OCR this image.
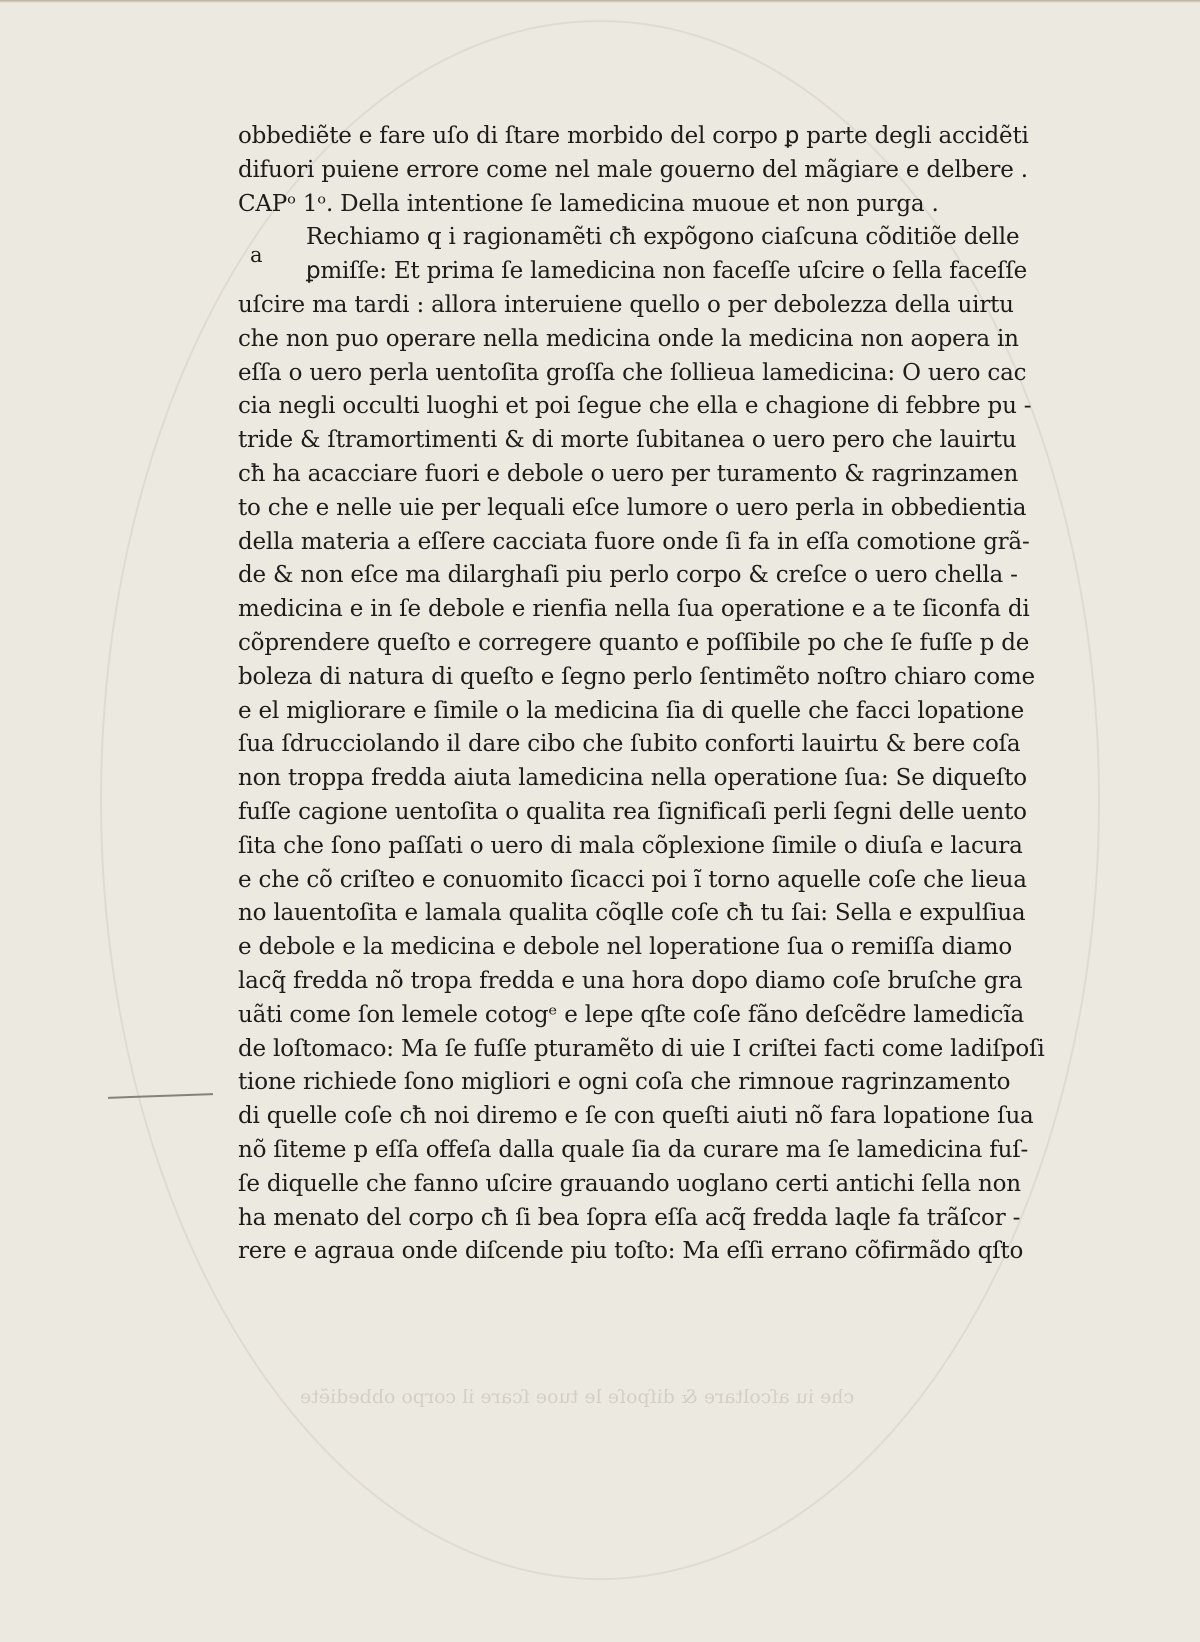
a
obbediẽte e fare uſo di ſtare morbido del corpo ꝑ parte degli accidẽti
difuori puiene errore come nel male gouerno del mãgiare e delbere .
CAPᵒ 1ᵒ. Della intentione ſe lamedicina muoue et non purga .
Rechiamo q i ragionamẽti cħ expõgono ciaſcuna cõditiõe delle
ꝑmiſſe: Et prima ſe lamedicina non faceſſe uſcire o ſella faceſſe
uſcire ma tardi : allora interuiene quello o per debolezza della uirtu
che non puo operare nella medicina onde la medicina non aopera in
eſſa o uero perla uentoſita groſſa che ſollieua lamedicina: O uero cac
cia negli occulti luoghi et poi ſegue che ella e chagione di febbre pu -
tride & ſtramortimenti & di morte ſubitanea o uero pero che lauirtu
cħ ha acacciare fuori e debole o uero per turamento & ragrinzamen
to che e nelle uie per lequali eſce lumore o uero perla in obbedientia
della materia a eſſere cacciata fuore onde ſi fa in eſſa comotione grã-
de & non eſce ma dilarghaſi piu perlo corpo & creſce o uero chella -
medicina e in ſe debole e rienfia nella ſua operatione e a te ſiconfa di
cõprendere queſto e corregere quanto e poſſibile po che ſe fuſſe p de
boleza di natura di queſto e ſegno perlo ſentimẽto noſtro chiaro come
e el migliorare e ſimile o la medicina ſia di quelle che facci lopatione
ſua ſdrucciolando il dare cibo che ſubito conforti lauirtu & bere coſa
non troppa fredda aiuta lamedicina nella operatione ſua: Se diqueſto
fuſſe cagione uentoſita o qualita rea ſignificaſi perli ſegni delle uento
ſita che ſono paſſati o uero di mala cõplexione ſimile o diuſa e lacura
e che cõ criſteo e conuomito ſicacci poi ĩ torno aquelle coſe che lieua
no lauentoſita e lamala qualita cõqlle coſe cħ tu ſai: Sella e expulſiua
e debole e la medicina e debole nel loperatione ſua o remiſſa diamo
lacq̃ fredda nõ tropa fredda e una hora dopo diamo coſe bruſche gra
uãti come ſon lemele cotogᵉ e lepe qſte coſe fãno deſcẽdre lamedicĩa
de loſtomaco: Ma ſe fuſſe pturamẽto di uie I criſtei facti come ladiſpoſi
tione richiede ſono migliori e ogni coſa che rimnoue ragrinzamento
di quelle coſe cħ noi diremo e ſe con queſti aiuti nõ fara lopatione ſua
nõ ſiteme p eſſa offeſa dalla quale ſia da curare ma ſe lamedicina fuſ-
ſe diquelle che fanno uſcire grauando uoglano certi antichi ſella non
ha menato del corpo cħ ſi bea ſopra eſſa acq̃ fredda laqle fa trãſcor -
rere e agraua onde diſcende piu toſto: Ma eſſi errano cõfirmãdo qſto
che iu aſcoltare & diſpoſe le tuoe ſcare il corpo obbediẽte
